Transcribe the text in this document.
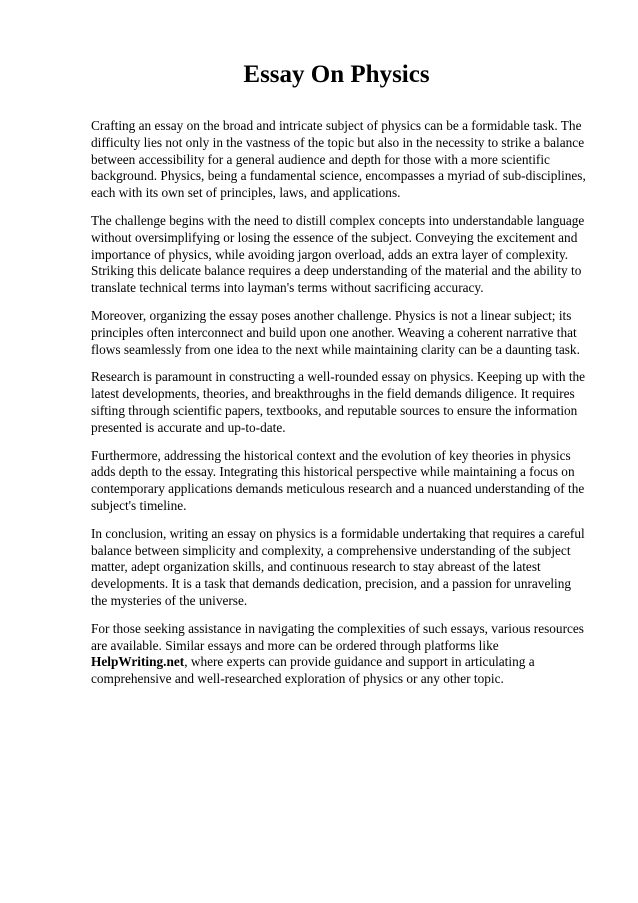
Essay On Physics

Crafting an essay on the broad and intricate subject of physics can be a formidable task. The difficulty lies not only in the vastness of the topic but also in the necessity to strike a balance between accessibility for a general audience and depth for those with a more scientific background. Physics, being a fundamental science, encompasses a myriad of sub-disciplines, each with its own set of principles, laws, and applications.

The challenge begins with the need to distill complex concepts into understandable language without oversimplifying or losing the essence of the subject. Conveying the excitement and importance of physics, while avoiding jargon overload, adds an extra layer of complexity. Striking this delicate balance requires a deep understanding of the material and the ability to translate technical terms into layman's terms without sacrificing accuracy.

Moreover, organizing the essay poses another challenge. Physics is not a linear subject; its principles often interconnect and build upon one another. Weaving a coherent narrative that flows seamlessly from one idea to the next while maintaining clarity can be a daunting task.

Research is paramount in constructing a well-rounded essay on physics. Keeping up with the latest developments, theories, and breakthroughs in the field demands diligence. It requires sifting through scientific papers, textbooks, and reputable sources to ensure the information presented is accurate and up-to-date.

Furthermore, addressing the historical context and the evolution of key theories in physics adds depth to the essay. Integrating this historical perspective while maintaining a focus on contemporary applications demands meticulous research and a nuanced understanding of the subject's timeline.

In conclusion, writing an essay on physics is a formidable undertaking that requires a careful balance between simplicity and complexity, a comprehensive understanding of the subject matter, adept organization skills, and continuous research to stay abreast of the latest developments. It is a task that demands dedication, precision, and a passion for unraveling the mysteries of the universe.

For those seeking assistance in navigating the complexities of such essays, various resources are available. Similar essays and more can be ordered through platforms like HelpWriting.net, where experts can provide guidance and support in articulating a comprehensive and well-researched exploration of physics or any other topic.
